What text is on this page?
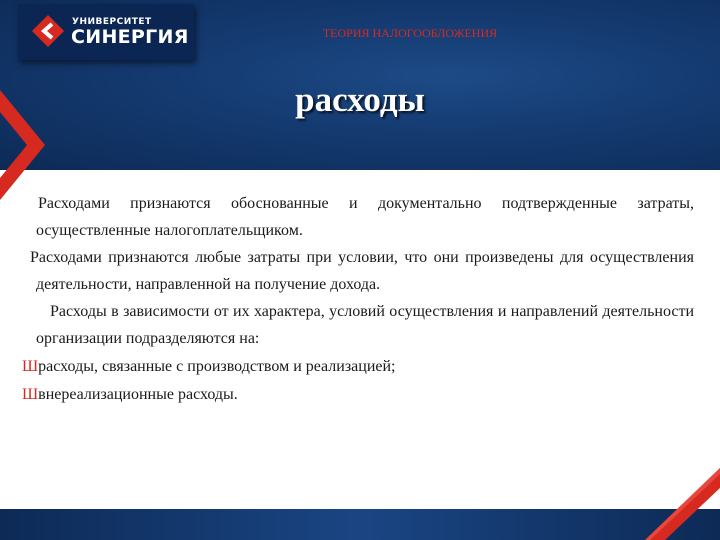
УНИВЕРСИТЕТ
СИНЕРГИЯ	ТЕОРИЯ НАЛОГООБЛОЖЕНИЯ
расходы
Расходами признаются обоснованные и документально подтвержденные затраты, осуществленные налогоплательщиком.
Расходами признаются любые затраты при условии, что они произведены для осуществления деятельности, направленной на получение дохода.
Расходы в зависимости от их характера, условий осуществления и направлений деятельности организации подразделяются на:
Шрасходы, связанные с производством и реализацией;
Швнереализационные расходы.
